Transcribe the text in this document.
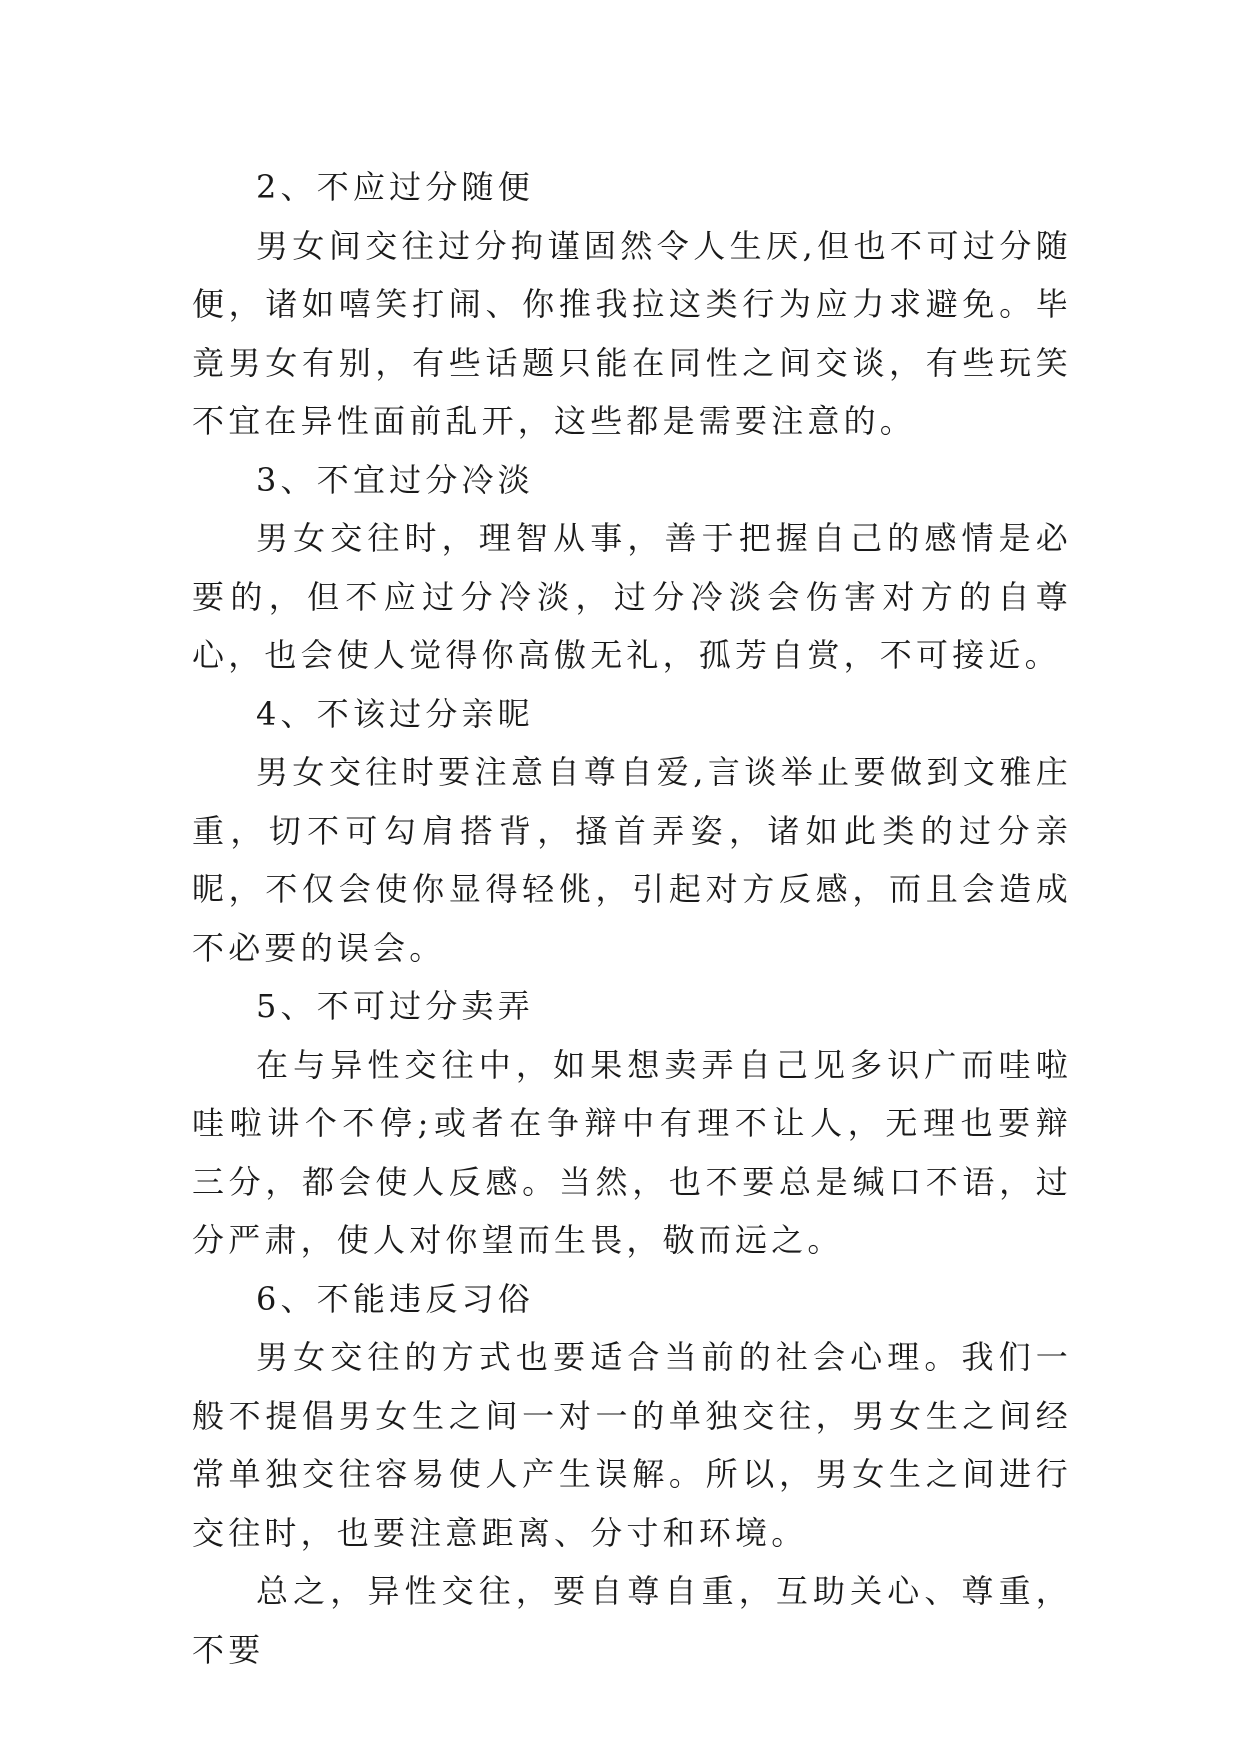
2、不应过分随便

男女间交往过分拘谨固然令人生厌,但也不可过分随便，诸如嘻笑打闹、你推我拉这类行为应力求避免。毕竟男女有别，有些话题只能在同性之间交谈，有些玩笑不宜在异性面前乱开，这些都是需要注意的。

3、不宜过分冷淡

男女交往时，理智从事，善于把握自己的感情是必要的，但不应过分冷淡，过分冷淡会伤害对方的自尊心，也会使人觉得你高傲无礼，孤芳自赏，不可接近。

4、不该过分亲昵

男女交往时要注意自尊自爱,言谈举止要做到文雅庄重，切不可勾肩搭背，搔首弄姿，诸如此类的过分亲昵，不仅会使你显得轻佻，引起对方反感，而且会造成不必要的误会。

5、不可过分卖弄

在与异性交往中，如果想卖弄自己见多识广而哇啦哇啦讲个不停;或者在争辩中有理不让人，无理也要辩三分，都会使人反感。当然，也不要总是缄口不语，过分严肃，使人对你望而生畏，敬而远之。

6、不能违反习俗

男女交往的方式也要适合当前的社会心理。我们一般不提倡男女生之间一对一的单独交往，男女生之间经常单独交往容易使人产生误解。所以，男女生之间进行交往时，也要注意距离、分寸和环境。

总之，异性交往，要自尊自重，互助关心、尊重，不要
